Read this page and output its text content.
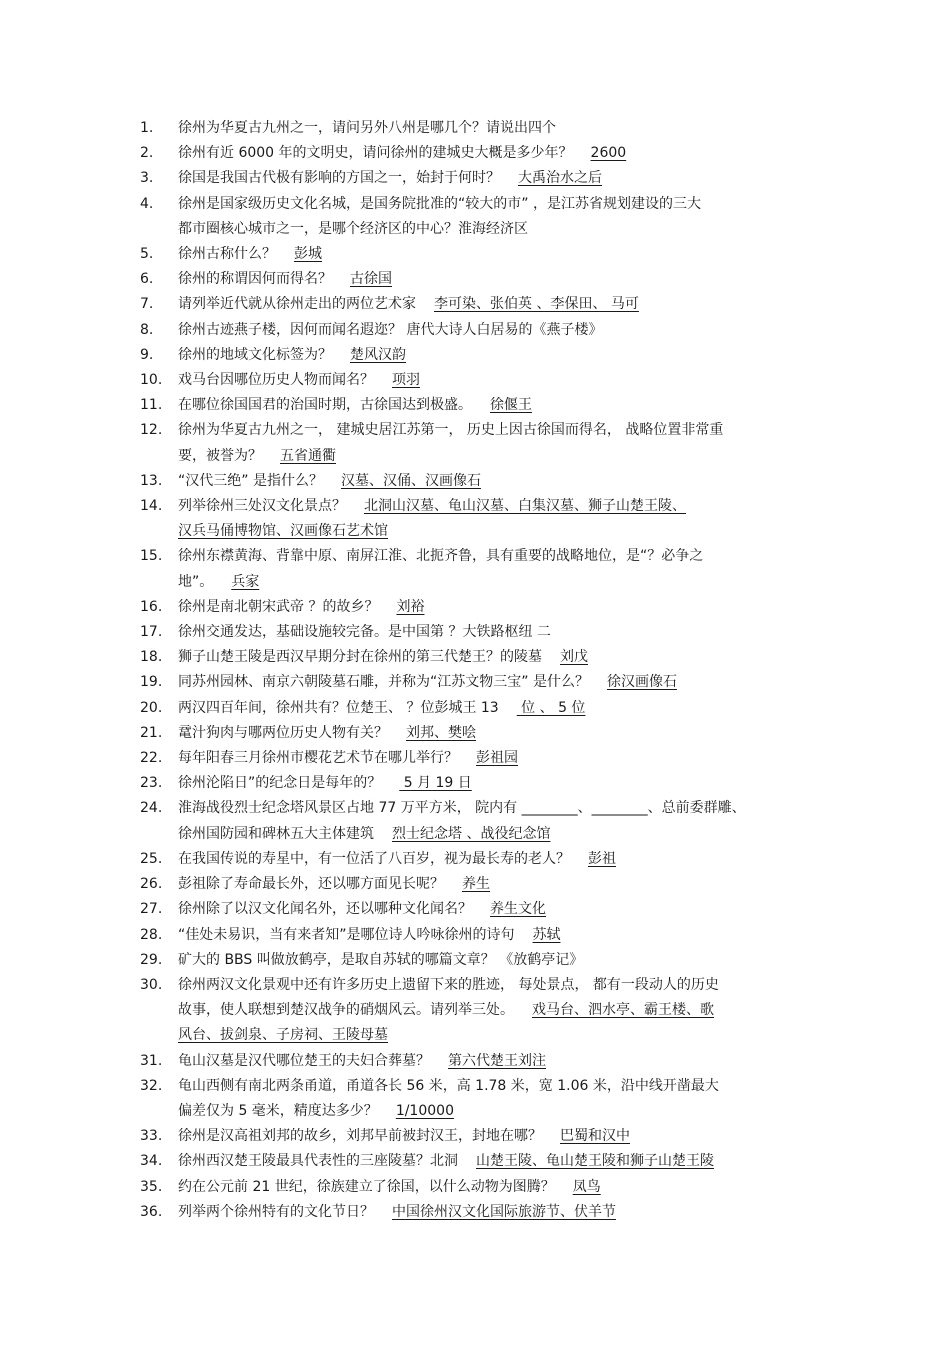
1.	徐州为华夏古九州之一，请问另外八州是哪几个？请说出四个
2.	徐州有近 6000 年的文明史，请问徐州的建城史大概是多少年？ 2600
3.	徐国是我国古代极有影响的方国之一，始封于何时？ 大禹治水之后
4.	徐州是国家级历史文化名城，是国务院批准的“较大的市” ，是江苏省规划建设的三大
都市圈核心城市之一，是哪个经济区的中心？淮海经济区
5.	徐州古称什么？ 彭城
6.	徐州的称谓因何而得名？ 古徐国
7.	请列举近代就从徐州走出的两位艺术家 李可染、张伯英 、李保田、 马可
8.	徐州古迹燕子楼，因何而闻名遐迩？ 唐代大诗人白居易的《燕子楼》
9.	徐州的地域文化标签为？ 楚风汉韵
10.	戏马台因哪位历史人物而闻名？ 项羽
11.	在哪位徐国国君的治国时期，古徐国达到极盛。 徐偃王
12.	徐州为华夏古九州之一， 建城史居江苏第一， 历史上因古徐国而得名， 战略位置非常重
要，被誉为？ 五省通衢
13.	“汉代三绝” 是指什么？ 汉墓、汉俑、汉画像石
14.	列举徐州三处汉文化景点？ 北洞山汉墓、龟山汉墓、白集汉墓、狮子山楚王陵、
汉兵马俑博物馆、汉画像石艺术馆
15.	徐州东襟黄海、背靠中原、南屏江淮、北扼齐鲁，具有重要的战略地位，是“？必争之
地”。 兵家
16.	徐州是南北朝宋武帝 ？的故乡？ 刘裕
17.	徐州交通发达，基础设施较完备。是中国第 ？大铁路枢纽 二
18.	狮子山楚王陵是西汉早期分封在徐州的第三代楚王？的陵墓 刘戊
19.	同苏州园林、南京六朝陵墓石雕，并称为“江苏文物三宝” 是什么？ 徐汉画像石
20.	两汉四百年间，徐州共有？位楚王、 ？位彭城王 13 位 、 5 位
21.	鼋汁狗肉与哪两位历史人物有关？ 刘邦、樊哙
22.	每年阳春三月徐州市樱花艺术节在哪儿举行？ 彭祖园
23.	徐州沦陷日”的纪念日是每年的？ 5 月 19 日
24.	淮海战役烈士纪念塔风景区占地 77 万平方米， 院内有 ________、________、总前委群雕、
徐州国防园和碑林五大主体建筑 烈士纪念塔 、战役纪念馆
25.	在我国传说的寿星中，有一位活了八百岁，视为最长寿的老人？ 彭祖
26.	彭祖除了寿命最长外，还以哪方面见长呢？ 养生
27.	徐州除了以汉文化闻名外，还以哪种文化闻名？ 养生文化
28.	“佳处未易识，当有来者知”是哪位诗人吟咏徐州的诗句 苏轼
29.	矿大的 BBS 叫做放鹤亭，是取自苏轼的哪篇文章？ 《放鹤亭记》
30.	徐州两汉文化景观中还有许多历史上遗留下来的胜迹， 每处景点， 都有一段动人的历史
故事，使人联想到楚汉战争的硝烟风云。请列举三处。 戏马台、泗水亭、霸王楼、歌
风台、拔剑泉、子房祠、王陵母墓
31.	龟山汉墓是汉代哪位楚王的夫妇合葬墓？ 第六代楚王刘注
32.	龟山西侧有南北两条甬道，甬道各长 56 米，高 1.78 米，宽 1.06 米，沿中线开凿最大
偏差仅为 5 毫米，精度达多少？ 1/10000
33.	徐州是汉高祖刘邦的故乡，刘邦早前被封汉王，封地在哪？ 巴蜀和汉中
34.	徐州西汉楚王陵最具代表性的三座陵墓？北洞 山楚王陵、龟山楚王陵和狮子山楚王陵
35.	约在公元前 21 世纪，徐族建立了徐国，以什么动物为图腾？ 凤鸟
36.	列举两个徐州特有的文化节日？ 中国徐州汉文化国际旅游节、伏羊节
